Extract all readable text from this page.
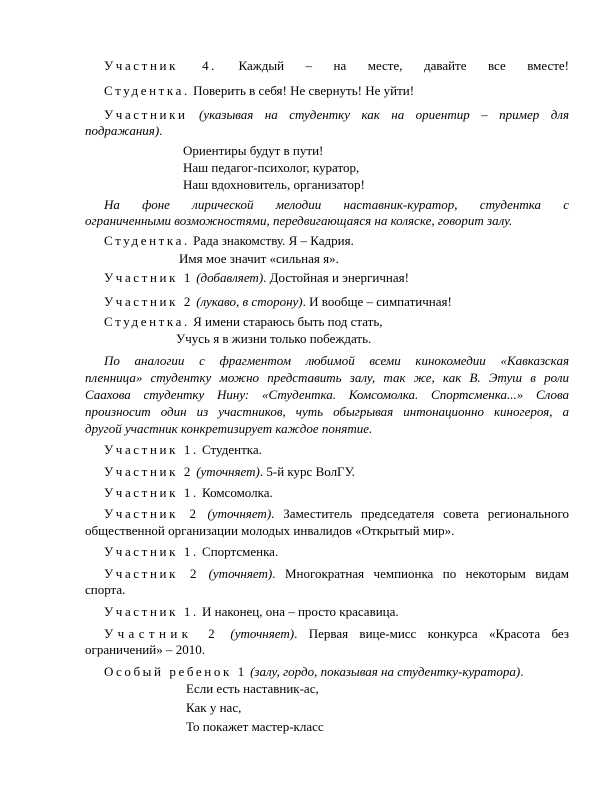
Участник 4. Каждый – на месте, давайте все вместе!
Студентка. Поверить в себя! Не свернуть! Не уйти!
Участники (указывая на студентку как на ориентир – пример для
подражания).
Ориентиры будут в пути!
Наш педагог-психолог, куратор,
Наш вдохновитель, организатор!
На фоне лирической мелодии наставник-куратор, студентка с
ограниченными возможностями, передвигающаяся на коляске, говорит залу.
Студентка. Рада знакомству. Я – Кадрия.
Имя мое значит «сильная я».
Участник 1 (добавляет). Достойная и энергичная!
Участник 2 (лукаво, в сторону). И вообще – симпатичная!
Студентка. Я имени стараюсь быть под стать,
Учусь я в жизни только побеждать.
По аналогии с фрагментом любимой всеми кинокомедии «Кавказская
пленница» студентку можно представить залу, так же, как В. Этуш в роли
Саахова студентку Нину: «Студентка. Комсомолка. Спортсменка...» Слова
произносит один из участников, чуть обыгрывая интонационно киногероя, а
другой участник конкретизирует каждое понятие.
Участник 1. Студентка.
Участник 2 (уточняет). 5-й курс ВолГУ.
Участник 1. Комсомолка.
Участник 2 (уточняет). Заместитель председателя совета регионального
общественной организации молодых инвалидов «Открытый мир».
Участник 1. Спортсменка.
Участник 2 (уточняет). Многократная чемпионка по некоторым видам
спорта.
Участник 1. И наконец, она – просто красавица.
Участник 2 (уточняет). Первая вице-мисс конкурса «Красота без
ограничений» – 2010.
Особый ребенок 1 (залу, гордо, показывая на студентку-куратора).
Если есть наставник-ас,
Как у нас,
То покажет мастер-класс
